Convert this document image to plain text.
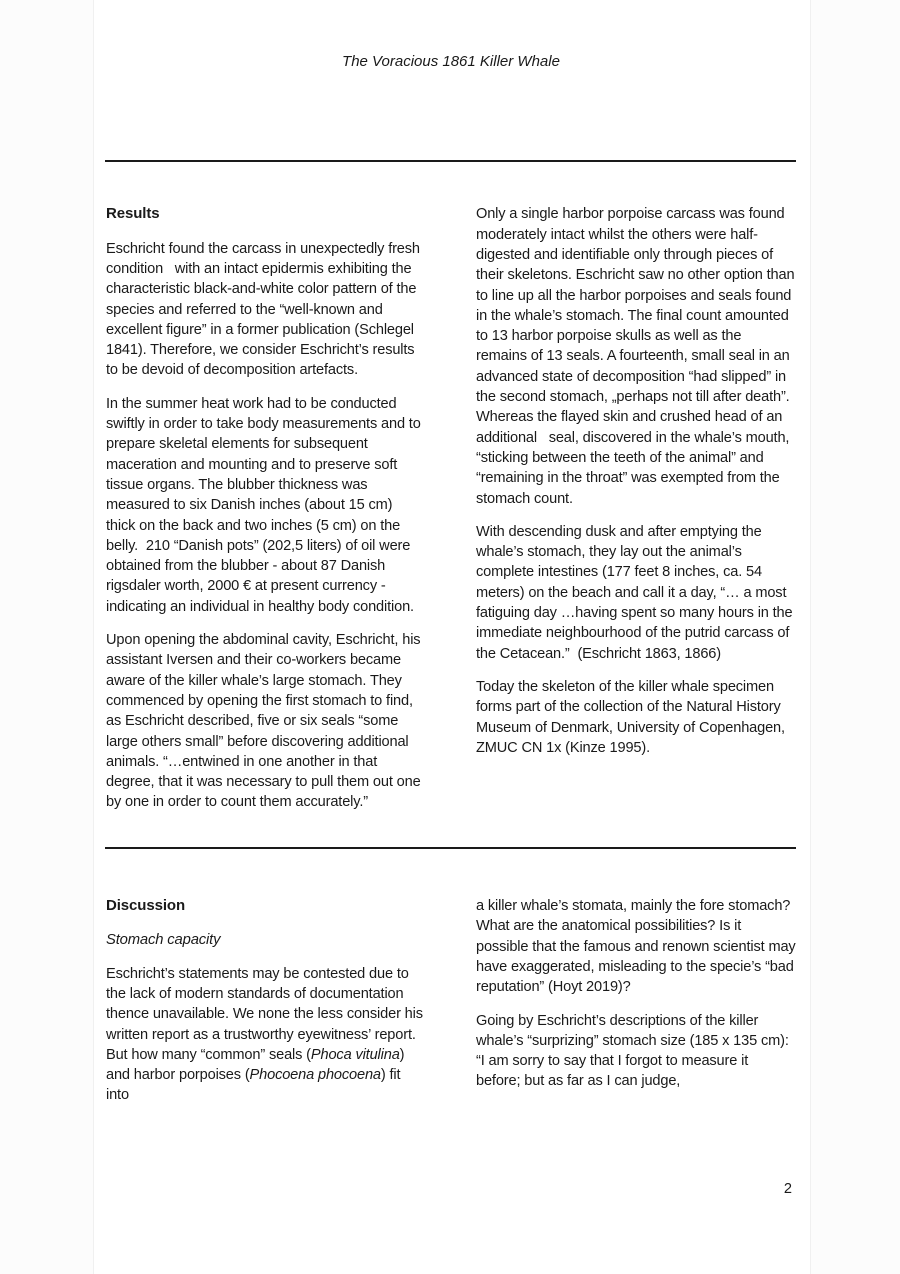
The Voracious 1861 Killer Whale
Results

Eschricht found the carcass in unexpectedly fresh condition   with an intact epidermis exhibiting the characteristic black-and-white color pattern of the species and referred to the “well-known and excellent figure” in a former publication (Schlegel 1841). Therefore, we consider Eschricht’s results to be devoid of decomposition artefacts.

In the summer heat work had to be conducted swiftly in order to take body measurements and to prepare skeletal elements for subsequent maceration and mounting and to preserve soft tissue organs. The blubber thickness was measured to six Danish inches (about 15 cm) thick on the back and two inches (5 cm) on the belly.  210 “Danish pots” (202,5 liters) of oil were obtained from the blubber - about 87 Danish rigsdaler worth, 2000 € at present currency - indicating an individual in healthy body condition.

Upon opening the abdominal cavity, Eschricht, his assistant Iversen and their co-workers became aware of the killer whale’s large stomach. They commenced by opening the first stomach to find, as Eschricht described, five or six seals “some large others small” before discovering additional animals. “…entwined in one another in that degree, that it was necessary to pull them out one by one in order to count them accurately.”

Only a single harbor porpoise carcass was found moderately intact whilst the others were half-digested and identifiable only through pieces of their skeletons. Eschricht saw no other option than to line up all the harbor porpoises and seals found in the whale’s stomach. The final count amounted to 13 harbor porpoise skulls as well as the remains of 13 seals. A fourteenth, small seal in an advanced state of decomposition “had slipped” in the second stomach, „perhaps not till after death”. Whereas the flayed skin and crushed head of an additional   seal, discovered in the whale’s mouth, “sticking between the teeth of the animal” and “remaining in the throat” was exempted from the stomach count.

With descending dusk and after emptying the whale’s stomach, they lay out the animal’s complete intestines (177 feet 8 inches, ca. 54 meters) on the beach and call it a day, “… a most fatiguing day …having spent so many hours in the immediate neighbourhood of the putrid carcass of the Cetacean.”  (Eschricht 1863, 1866)

Today the skeleton of the killer whale specimen forms part of the collection of the Natural History Museum of Denmark, University of Copenhagen, ZMUC CN 1x (Kinze 1995).

Discussion
Stomach capacity

Eschricht’s statements may be contested due to the lack of modern standards of documentation thence unavailable. We none the less consider his written report as a trustworthy eyewitness’ report. But how many “common” seals (Phoca vitulina) and harbor porpoises (Phocoena phocoena) fit into

a killer whale’s stomata, mainly the fore stomach? What are the anatomical possibilities? Is it possible that the famous and renown scientist may have exaggerated, misleading to the specie’s “bad reputation” (Hoyt 2019)?

Going by Eschricht’s descriptions of the killer whale’s “surprizing” stomach size (185 x 135 cm): “I am sorry to say that I forgot to measure it before; but as far as I can judge,

2
